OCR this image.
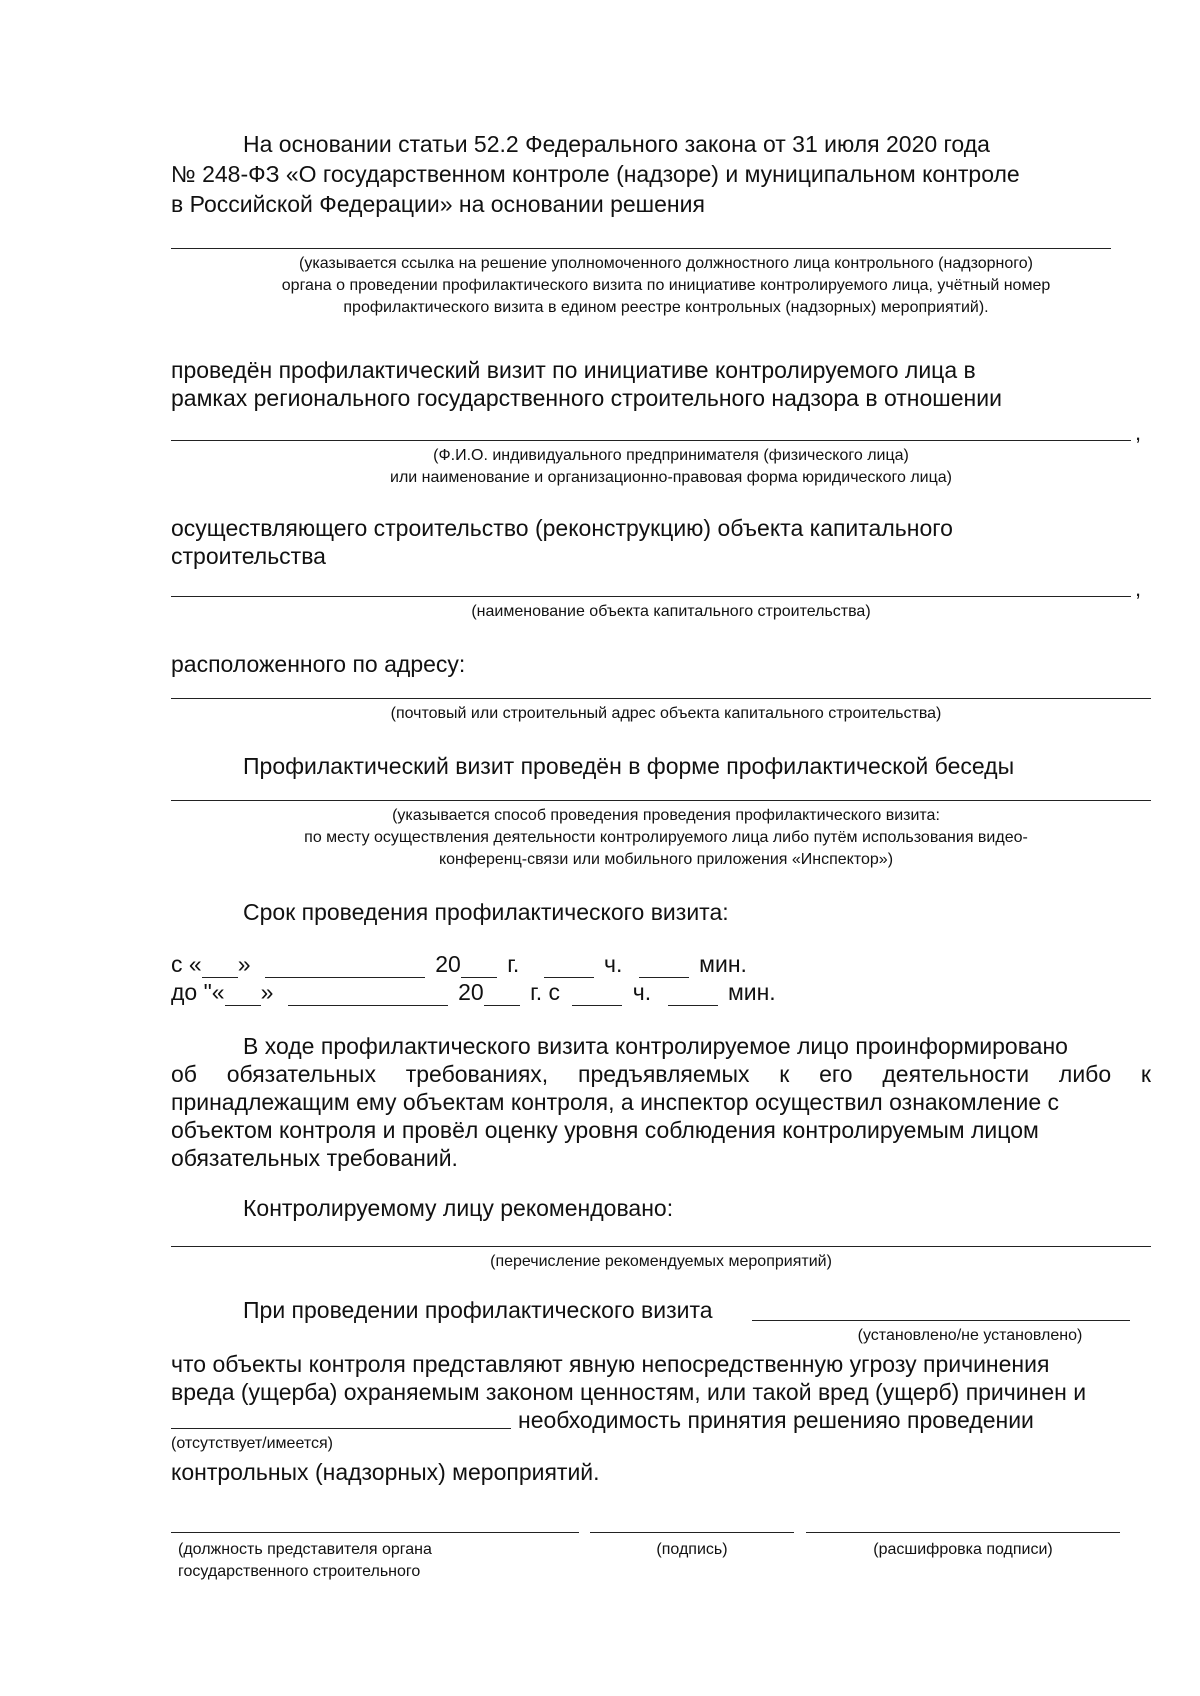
На основании статьи 52.2 Федерального закона от 31 июля 2020 года
№ 248-ФЗ «О государственном контроле (надзоре) и муниципальном контроле
в Российской Федерации» на основании решения
(указывается ссылка на решение уполномоченного должностного лица контрольного (надзорного)
органа о проведении профилактического визита по инициативе контролируемого лица, учётный номер
профилактического визита в едином реестре контрольных (надзорных) мероприятий).
проведён профилактический визит по инициативе контролируемого лица в
рамках регионального государственного строительного надзора в отношении
,
(Ф.И.О. индивидуального предпринимателя (физического лица)
или наименование и организационно-правовая форма юридического лица)
осуществляющего строительство (реконструкцию) объекта капитального
строительства
,
(наименование объекта капитального строительства)
расположенного по адресу:
(почтовый или строительный адрес объекта капитального строительства)
Профилактический визит проведён в форме профилактической беседы
(указывается способ проведения проведения профилактического визита:
по месту осуществления деятельности контролируемого лица либо путём использования видео-
конференц-связи или мобильного приложения «Инспектор»)
Срок проведения профилактического визита:
с « »	20 г.	ч.	мин.
до "« »	20 г. с	ч.	мин.
В ходе профилактического визита контролируемое лицо проинформировано
об обязательных требованиях, предъявляемых к его деятельности либо к
принадлежащим ему объектам контроля, а инспектор осуществил ознакомление с
объектом контроля и провёл оценку уровня соблюдения контролируемым лицом
обязательных требований.
Контролируемому лицу рекомендовано:
(перечисление рекомендуемых мероприятий)
При проведении профилактического визита
(установлено/не установлено)
что объекты контроля представляют явную непосредственную угрозу причинения
вреда (ущерба) охраняемым законом ценностям, или такой вред (ущерб) причинен и
необходимость принятия решенияо проведении
(отсутствует/имеется)
контрольных (надзорных) мероприятий.
(должность представителя органа
государственного строительного
(подпись)	(расшифровка подписи)
